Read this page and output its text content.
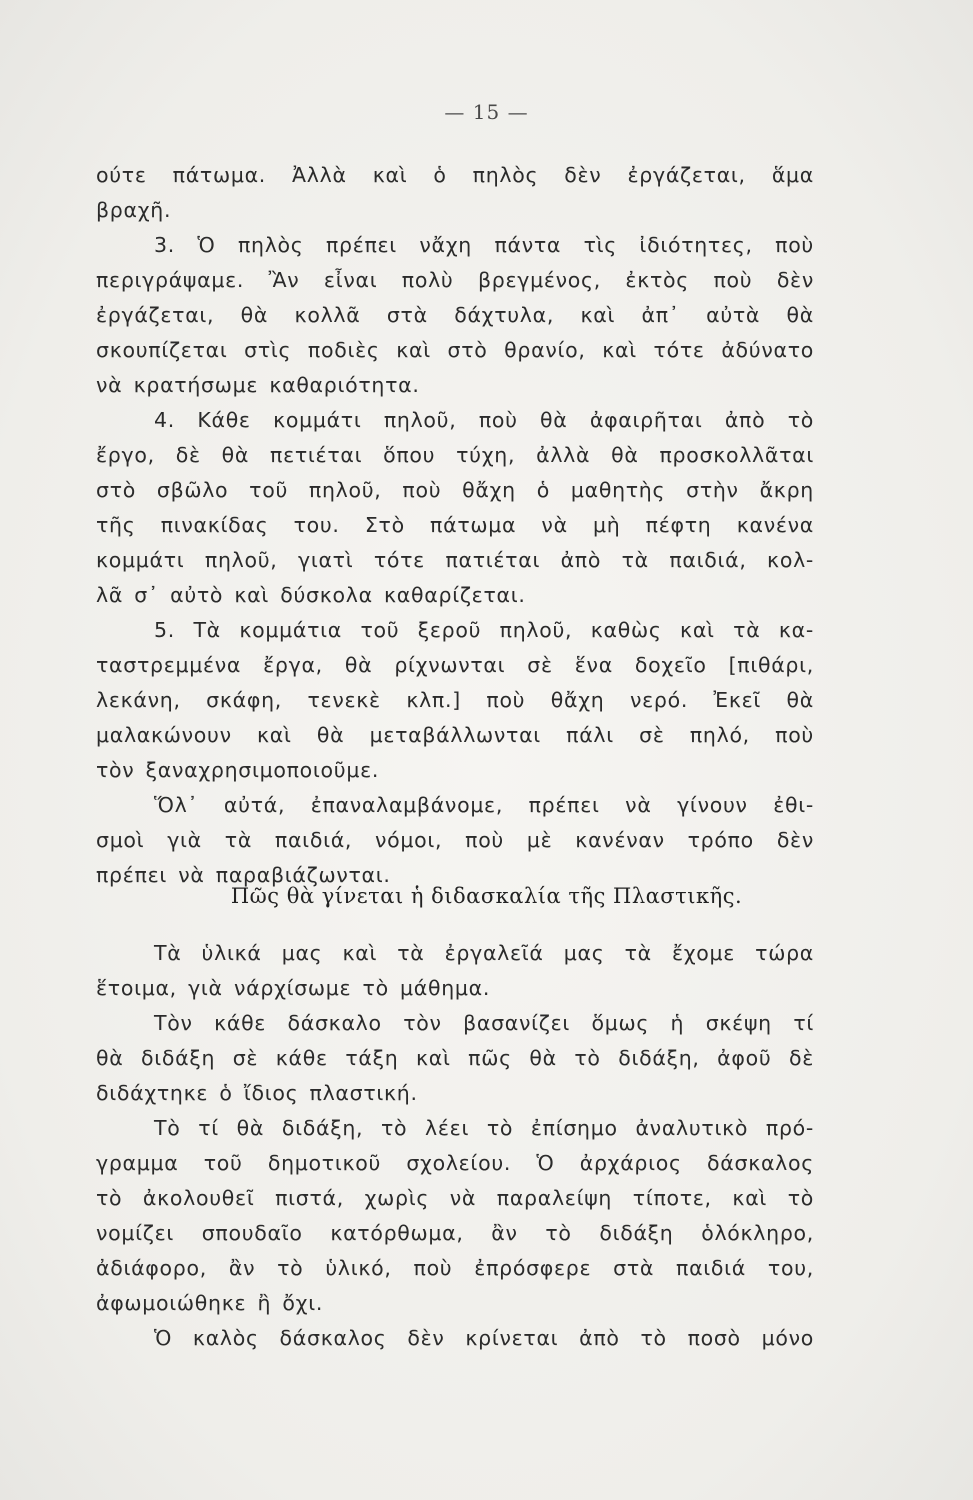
— 15 —
ούτε πάτωμα. Ἀλλὰ καὶ ὁ πηλὸς δὲν ἐργάζεται, ἅμα
βραχῆ.
3. Ὁ πηλὸς πρέπει νἄχη πάντα τὶς ἰδιότητες, ποὺ
περιγράψαμε. Ἂν εἶναι πολὺ βρεγμένος, ἐκτὸς ποὺ δὲν
ἐργάζεται, θὰ κολλᾶ στὰ δάχτυλα, καὶ ἀπ᾿ αὐτὰ θὰ
σκουπίζεται στὶς ποδιὲς καὶ στὸ θρανίο, καὶ τότε ἀδύνατο
νὰ κρατήσωμε καθαριότητα.
4. Κάθε κομμάτι πηλοῦ, ποὺ θὰ ἀφαιρῆται ἀπὸ τὸ
ἔργο, δὲ θὰ πετιέται ὅπου τύχη, ἀλλὰ θὰ προσκολλᾶται
στὸ σβῶλο τοῦ πηλοῦ, ποὺ θἄχη ὁ μαθητὴς στὴν ἄκρη
τῆς πινακίδας του. Στὸ πάτωμα νὰ μὴ πέφτη κανένα
κομμάτι πηλοῦ, γιατὶ τότε πατιέται ἀπὸ τὰ παιδιά, κολ-
λᾶ σ᾿ αὐτὸ καὶ δύσκολα καθαρίζεται.
5. Τὰ κομμάτια τοῦ ξεροῦ πηλοῦ, καθὼς καὶ τὰ κα-
ταστρεμμένα ἔργα, θὰ ρίχνωνται σὲ ἕνα δοχεῖο [πιθάρι,
λεκάνη, σκάφη, τενεκὲ κλπ.] ποὺ θἄχη νερό. Ἐκεῖ θὰ
μαλακώνουν καὶ θὰ μεταβάλλωνται πάλι σὲ πηλό, ποὺ
τὸν ξαναχρησιμοποιοῦμε.
Ὅλ᾿ αὐτά, ἐπαναλαμβάνομε, πρέπει νὰ γίνουν ἐθι-
σμοὶ γιὰ τὰ παιδιά, νόμοι, ποὺ μὲ κανέναν τρόπο δὲν
πρέπει νὰ παραβιάζωνται.
Πῶς θὰ γίνεται ἡ διδασκαλία τῆς Πλαστικῆς.
Τὰ ὑλικά μας καὶ τὰ ἐργαλεῖά μας τὰ ἔχομε τώρα
ἕτοιμα, γιὰ νάρχίσωμε τὸ μάθημα.
Τὸν κάθε δάσκαλο τὸν βασανίζει ὅμως ἡ σκέψη τί
θὰ διδάξη σὲ κάθε τάξη καὶ πῶς θὰ τὸ διδάξη, ἀφοῦ δὲ
διδάχτηκε ὁ ἴδιος πλαστική.
Τὸ τί θὰ διδάξη, τὸ λέει τὸ ἐπίσημο ἀναλυτικὸ πρό-
γραμμα τοῦ δημοτικοῦ σχολείου. Ὁ ἀρχάριος δάσκαλος
τὸ ἀκολουθεῖ πιστά, χωρὶς νὰ παραλείψη τίποτε, καὶ τὸ
νομίζει σπουδαῖο κατόρθωμα, ἂν τὸ διδάξη ὁλόκληρο,
ἀδιάφορο, ἂν τὸ ὑλικό, ποὺ ἐπρόσφερε στὰ παιδιά του,
ἀφωμοιώθηκε ἢ ὄχι.
Ὁ καλὸς δάσκαλος δὲν κρίνεται ἀπὸ τὸ ποσὸ μόνο
